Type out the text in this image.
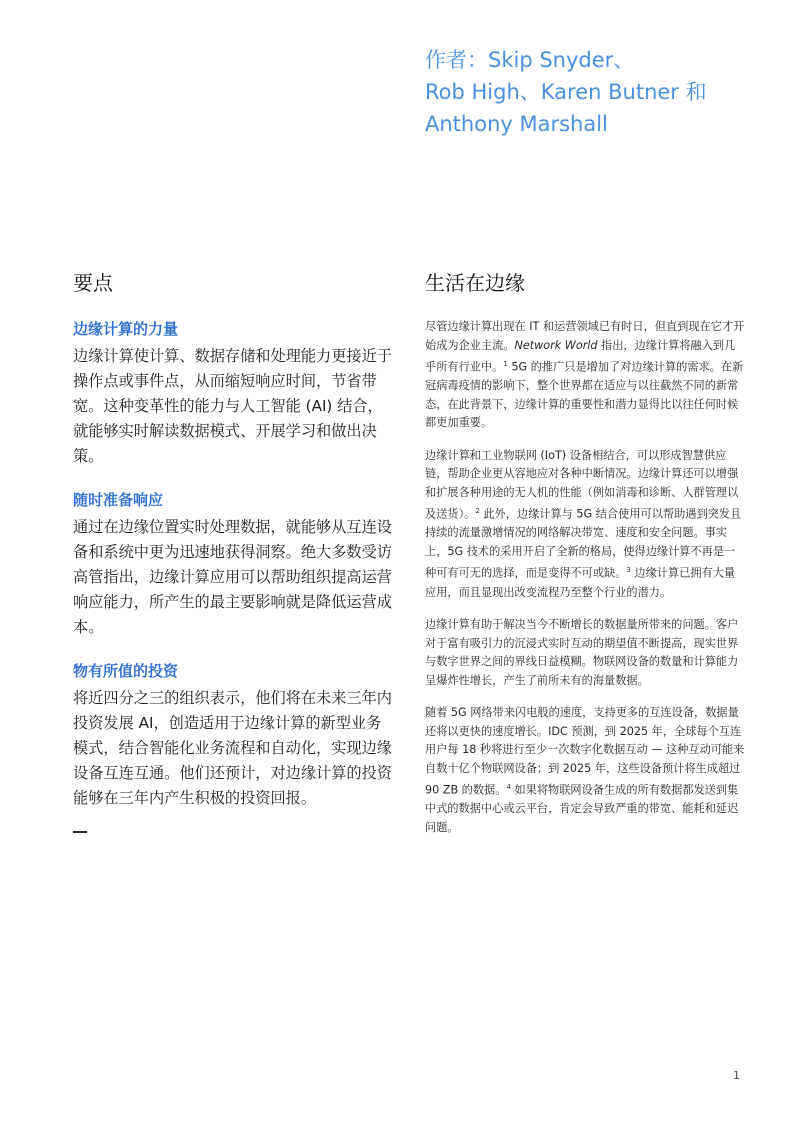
作者：Skip Snyder、
Rob High、Karen Butner 和
Anthony Marshall
要点
边缘计算的力量

边缘计算使计算、数据存储和处理能力更接近于操作点或事件点，从而缩短响应时间，节省带宽。这种变革性的能力与人工智能 (AI) 结合，就能够实时解读数据模式、开展学习和做出决策。

随时准备响应

通过在边缘位置实时处理数据，就能够从互连设备和系统中更为迅速地获得洞察。绝大多数受访高管指出，边缘计算应用可以帮助组织提高运营响应能力，所产生的最主要影响就是降低运营成本。

物有所值的投资

将近四分之三的组织表示，他们将在未来三年内投资发展 AI，创造适用于边缘计算的新型业务模式，结合智能化业务流程和自动化，实现边缘设备互连互通。他们还预计，对边缘计算的投资能够在三年内产生积极的投资回报。

生活在边缘

尽管边缘计算出现在 IT 和运营领域已有时日，但直到现在它才开始成为企业主流。Network World 指出，边缘计算将融入到几乎所有行业中。$^1$ 5G 的推广只是增加了对边缘计算的需求。在新冠病毒疫情的影响下，整个世界都在适应与以往截然不同的新常态，在此背景下，边缘计算的重要性和潜力显得比以往任何时候都更加重要。

边缘计算和工业物联网 (IoT) 设备相结合，可以形成智慧供应链，帮助企业更从容地应对各种中断情况。边缘计算还可以增强和扩展各种用途的无人机的性能（例如消毒和诊断、人群管理以及送货）。$^2$ 此外，边缘计算与 5G 结合使用可以帮助遇到突发且持续的流量激增情况的网络解决带宽、速度和安全问题。事实上，5G 技术的采用开启了全新的格局，使得边缘计算不再是一种可有可无的选择，而是变得不可或缺。$^3$ 边缘计算已拥有大量应用，而且显现出改变流程乃至整个行业的潜力。

边缘计算有助于解决当今不断增长的数据量所带来的问题。客户对于富有吸引力的沉浸式实时互动的期望值不断提高，现实世界与数字世界之间的界线日益模糊。物联网设备的数量和计算能力呈爆炸性增长，产生了前所未有的海量数据。

随着 5G 网络带来闪电般的速度，支持更多的互连设备，数据量还将以更快的速度增长。IDC 预测，到 2025 年，全球每个互连用户每 18 秒将进行至少一次数字化数据互动 — 这种互动可能来自数十亿个物联网设备；到 2025 年，这些设备预计将生成超过 90 ZB 的数据。$^4$ 如果将物联网设备生成的所有数据都发送到集中式的数据中心或云平台，肯定会导致严重的带宽、能耗和延迟问题。

1
